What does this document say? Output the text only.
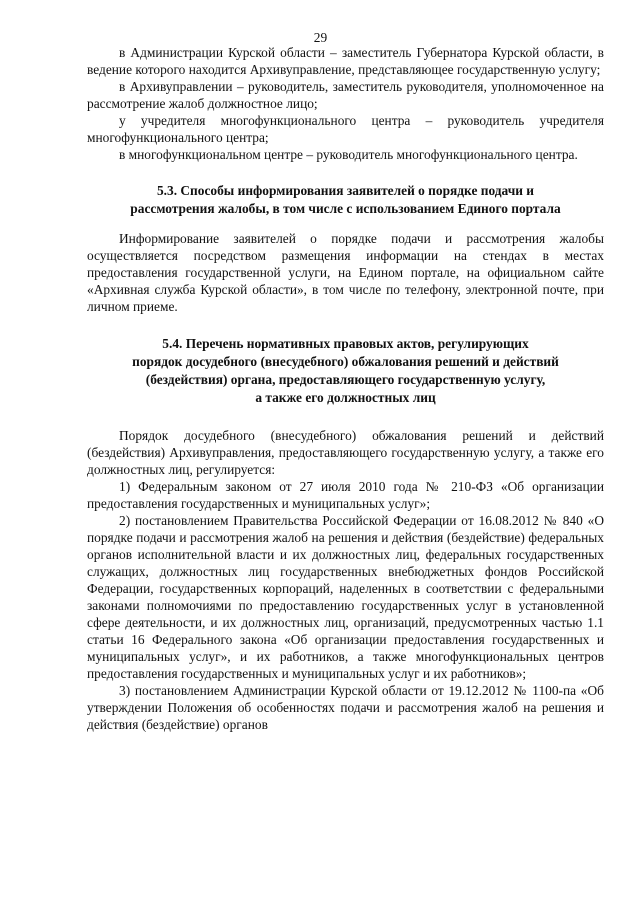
29

в Администрации Курской области – заместитель Губернатора Курской области, в ведение которого находится Архивуправление, представляющее государственную услугу;

в Архивуправлении – руководитель, заместитель руководителя, уполномоченное на рассмотрение жалоб должностное лицо;

у учредителя многофункционального центра – руководитель учредителя многофункционального центра;

в многофункциональном центре – руководитель многофункционального центра.

5.3. Способы информирования заявителей о порядке подачи и
рассмотрения жалобы, в том числе с использованием Единого портала

Информирование заявителей о порядке подачи и рассмотрения жалобы осуществляется посредством размещения информации на стендах в местах предоставления государственной услуги, на Едином портале, на официальном сайте «Архивная служба Курской области», в том числе по телефону, электронной почте, при личном приеме.

5.4. Перечень нормативных правовых актов, регулирующих
порядок досудебного (внесудебного) обжалования решений и действий
(бездействия) органа, предоставляющего государственную услугу,
а также его должностных лиц

Порядок досудебного (внесудебного) обжалования решений и действий (бездействия) Архивуправления, предоставляющего государственную услугу, а также его должностных лиц, регулируется:

1) Федеральным законом от 27 июля 2010 года № 210-ФЗ «Об организации предоставления государственных и муниципальных услуг»;

2) постановлением Правительства Российской Федерации от 16.08.2012 № 840 «О порядке подачи и рассмотрения жалоб на решения и действия (бездействие) федеральных органов исполнительной власти и их должностных лиц, федеральных государственных служащих, должностных лиц государственных внебюджетных фондов Российской Федерации, государственных корпораций, наделенных в соответствии с федеральными законами полномочиями по предоставлению государственных услуг в установленной сфере деятельности, и их должностных лиц, организаций, предусмотренных частью 1.1 статьи 16 Федерального закона «Об организации предоставления государственных и муниципальных услуг», и их работников, а также многофункциональных центров предоставления государственных и муниципальных услуг и их работников»;

3) постановлением Администрации Курской области от 19.12.2012 № 1100-па «Об утверждении Положения об особенностях подачи и рассмотрения жалоб на решения и действия (бездействие) органов
